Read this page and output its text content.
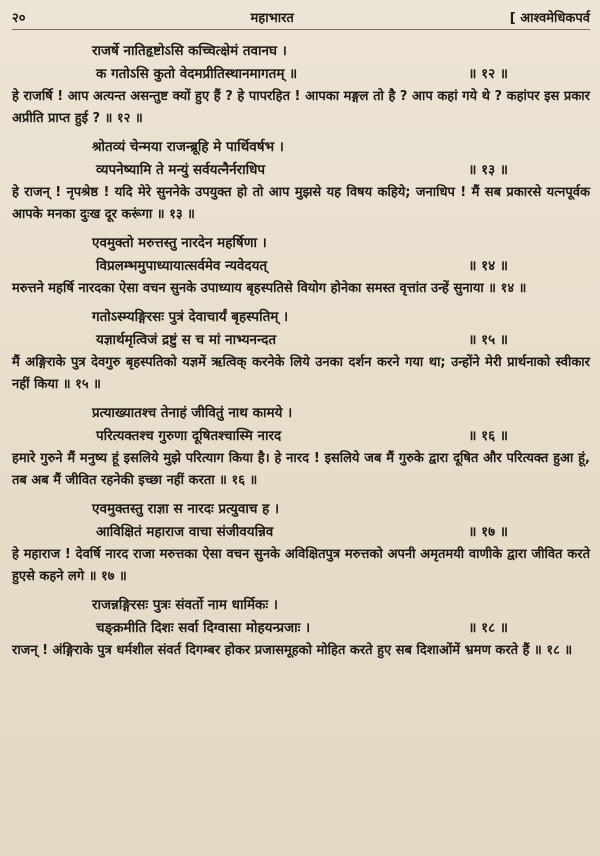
२०	महाभारत	[ आश्वमेधिकपर्व
राजर्षे नातिहृष्टोऽसि कच्चित्क्षेमं तवानघ ।
क गतोऽसि कुतो वेदमप्रीतिस्थानमागतम् ॥	॥ १२ ॥
हे राजर्षि ! आप अत्यन्त असन्तुष्ट क्यों हुए हैं ? हे पापरहित ! आपका मङ्गल तो है ? आप कहां गये थे ? कहांपर इस प्रकार अप्रीति प्राप्त हुई ? ॥ १२ ॥
श्रोतव्यं चेन्मया राजन्ब्रूहि मे पार्थिवर्षभ ।
व्यपनेष्यामि ते मन्युं सर्वयत्नैर्नराधिप	॥ १३ ॥
हे राजन् ! नृपश्रेष्ठ ! यदि मेरे सुननेके उपयुक्त हो तो आप मुझसे यह विषय कहिये; जनाधिप ! मैं सब प्रकारसे यत्नपूर्वक आपके मनका दुःख दूर करूंगा ॥ १३ ॥
एवमुक्तो मरुत्तस्तु नारदेन महर्षिणा ।
विप्रलम्भमुपाध्यायात्सर्वमेव न्यवेदयत्	॥ १४ ॥
मरुत्तने महर्षि नारदका ऐसा वचन सुनके उपाध्याय बृहस्पतिसे वियोग होनेका समस्त वृत्तांत उन्हें सुनाया ॥ १४ ॥
गतोऽस्म्यङ्गिरसः पुत्रं देवाचार्यं बृहस्पतिम् ।
यज्ञार्थमृत्विजं द्रष्टुं स च मां नाभ्यनन्दत	॥ १५ ॥
मैं अङ्गिराके पुत्र देवगुरु बृहस्पतिको यज्ञमें ऋत्विक् करनेके लिये उनका दर्शन करने गया था; उन्होंने मेरी प्रार्थनाको स्वीकार नहीं किया ॥ १५ ॥
प्रत्याख्यातश्च तेनाहं जीवितुं नाथ कामये ।
परित्यक्तश्च गुरुणा दूषितश्चास्मि नारद	॥ १६ ॥
हमारे गुरुने मैं मनुष्य हूं इसलिये मुझे परित्याग किया है। हे नारद ! इसलिये जब मैं गुरुके द्वारा दूषित और परित्यक्त हुआ हूं, तब अब मैं जीवित रहनेकी इच्छा नहीं करता ॥ १६ ॥
एवमुक्तस्तु राज्ञा स नारदः प्रत्युवाच ह ।
आविक्षितं महाराज वाचा संजीवयन्निव	॥ १७ ॥
हे महाराज ! देवर्षि नारद राजा मरुत्तका ऐसा वचन सुनके अविक्षितपुत्र मरुत्तको अपनी अमृतमयी वाणीके द्वारा जीवित करते हुएसे कहने लगे ॥ १७ ॥
राजन्नङ्गिरसः पुत्रः संवर्तो नाम धार्मिकः ।
चङ्क्रमीति दिशः सर्वा दिग्वासा मोहयन्प्रजाः ।	॥ १८ ॥
राजन् ! अंङ्गिराके पुत्र धर्मशील संवर्त दिगम्बर होकर प्रजासमूहको मोहित करते हुए सब दिशाओंमें भ्रमण करते हैं ॥ १८ ॥
